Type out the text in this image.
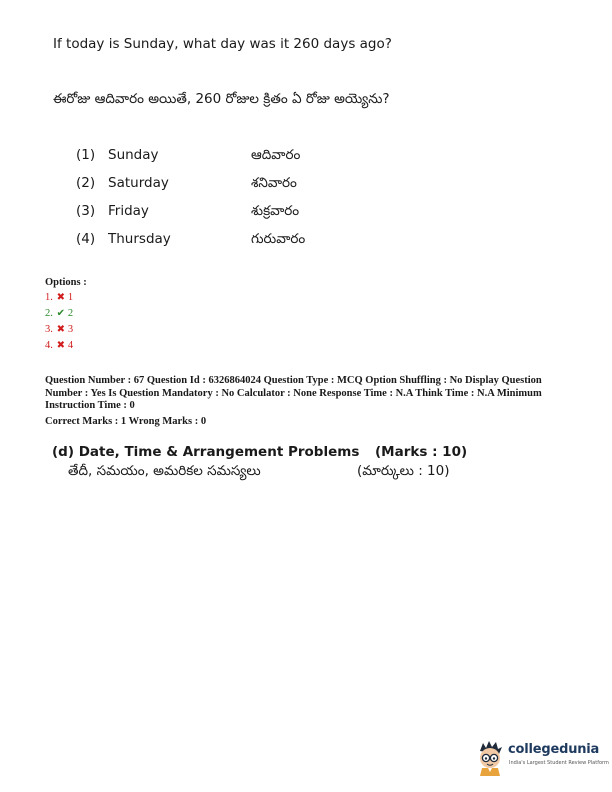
If today is Sunday, what day was it 260 days ago?
ఈరోజు ఆదివారం అయితే, 260 రోజుల క్రితం ఏ రోజు అయ్యెను?
(1) Sunday	ఆదివారం
(2) Saturday	శనివారం
(3) Friday	శుక్రవారం
(4) Thursday	గురువారం
Options :
1. ✖ 1
2. ✔ 2
3. ✖ 3
4. ✖ 4
Question Number : 67 Question Id : 6326864024 Question Type : MCQ Option Shuffling : No Display Question Number : Yes Is Question Mandatory : No Calculator : None Response Time : N.A Think Time : N.A Minimum Instruction Time : 0
Correct Marks : 1 Wrong Marks : 0
(d) Date, Time & Arrangement Problems (Marks : 10)
తేదీ, సమయం, అమరికల సమస్యలు	(మార్కులు : 10)
collegedunia
India's Largest Student Review Platform
